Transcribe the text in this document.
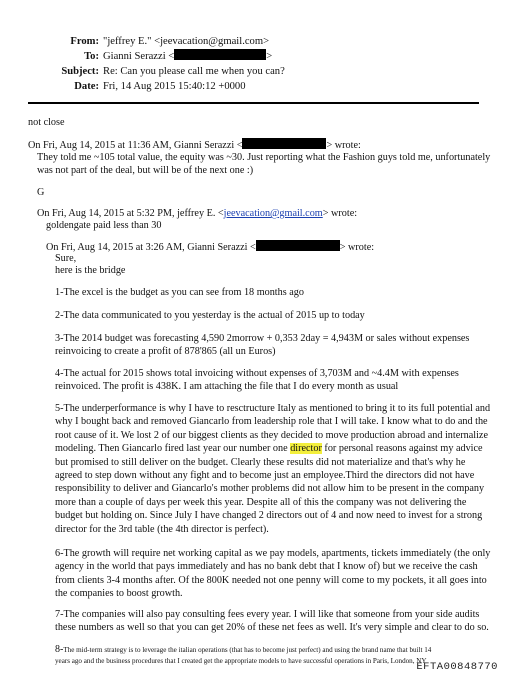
From: "jeffrey E." <jeevacation@gmail.com>
To: Gianni Serazzi <	>
Subject: Re: Can you please call me when you can?
Date: Fri, 14 Aug 2015 15:40:12 +0000
not close
On Fri, Aug 14, 2015 at 11:36 AM, Gianni Serazzi <	> wrote:
They told me ~105 total value, the equity was ~30. Just reporting what the Fashion guys told me, unfortunately
was not part of the deal, but will be of the next one :)
G
On Fri, Aug 14, 2015 at 5:32 PM, jeffrey E. <jeevacation@gmail.com> wrote:
goldengate paid less than 30
On Fri, Aug 14, 2015 at 3:26 AM, Gianni Serazzi <	> wrote:
Sure,
here is the bridge
1-The excel is the budget as you can see from 18 months ago
2-The data communicated to you yesterday is the actual of 2015 up to today
3-The 2014 budget was forecasting 4,590 2morrow + 0,353 2day = 4,943M or sales without expenses
reinvoicing to create a profit of 878'865 (all un Euros)
4-The actual for 2015 shows total invoicing without expenses of 3,703M and ~4.4M with expenses
reinvoiced. The profit is 438K. I am attaching the file that I do every month as usual
5-The underperformance is why I have to resctructure Italy as mentioned to bring it to its full potential and
why I bought back and removed Giancarlo from leadership role that I will take. I know what to do and the
root cause of it. We lost 2 of our biggest clients as they decided to move production abroad and internalize
modeling. Then Giancarlo fired last year our number one director for personal reasons against my advice
but promised to still deliver on the budget. Clearly these results did not materialize and that's why he
agreed to step down without any fight and to become just an employee.Third the directors did not have
responsibility to deliver and Giancarlo's mother problems did not allow him to be present in the company
more than a couple of days per week this year. Despite all of this the company was not delivering the
budget but holding on. Since July I have changed 2 directors out of 4 and now need to invest for a strong
director for the 3rd table (the 4th director is perfect).
6-The growth will require net working capital as we pay models, apartments, tickets immediately (the only
agency in the world that pays immediately and has no bank debt that I know of) but we receive the cash
from clients 3-4 months after. Of the 800K needed not one penny will come to my pockets, it all goes into
the companies to boost growth.
7-The companies will also pay consulting fees every year. I will like that someone from your side audits
these numbers as well so that you can get 20% of these net fees as well. It's very simple and clear to do so.
8-The mid-term strategy is to leverage the italian operations (that has to become just perfect) and using the brand name that built 14
years ago and the business procedures that I created get the appropriate models to have successful operations in Paris, London, NY
EFTA00848770
